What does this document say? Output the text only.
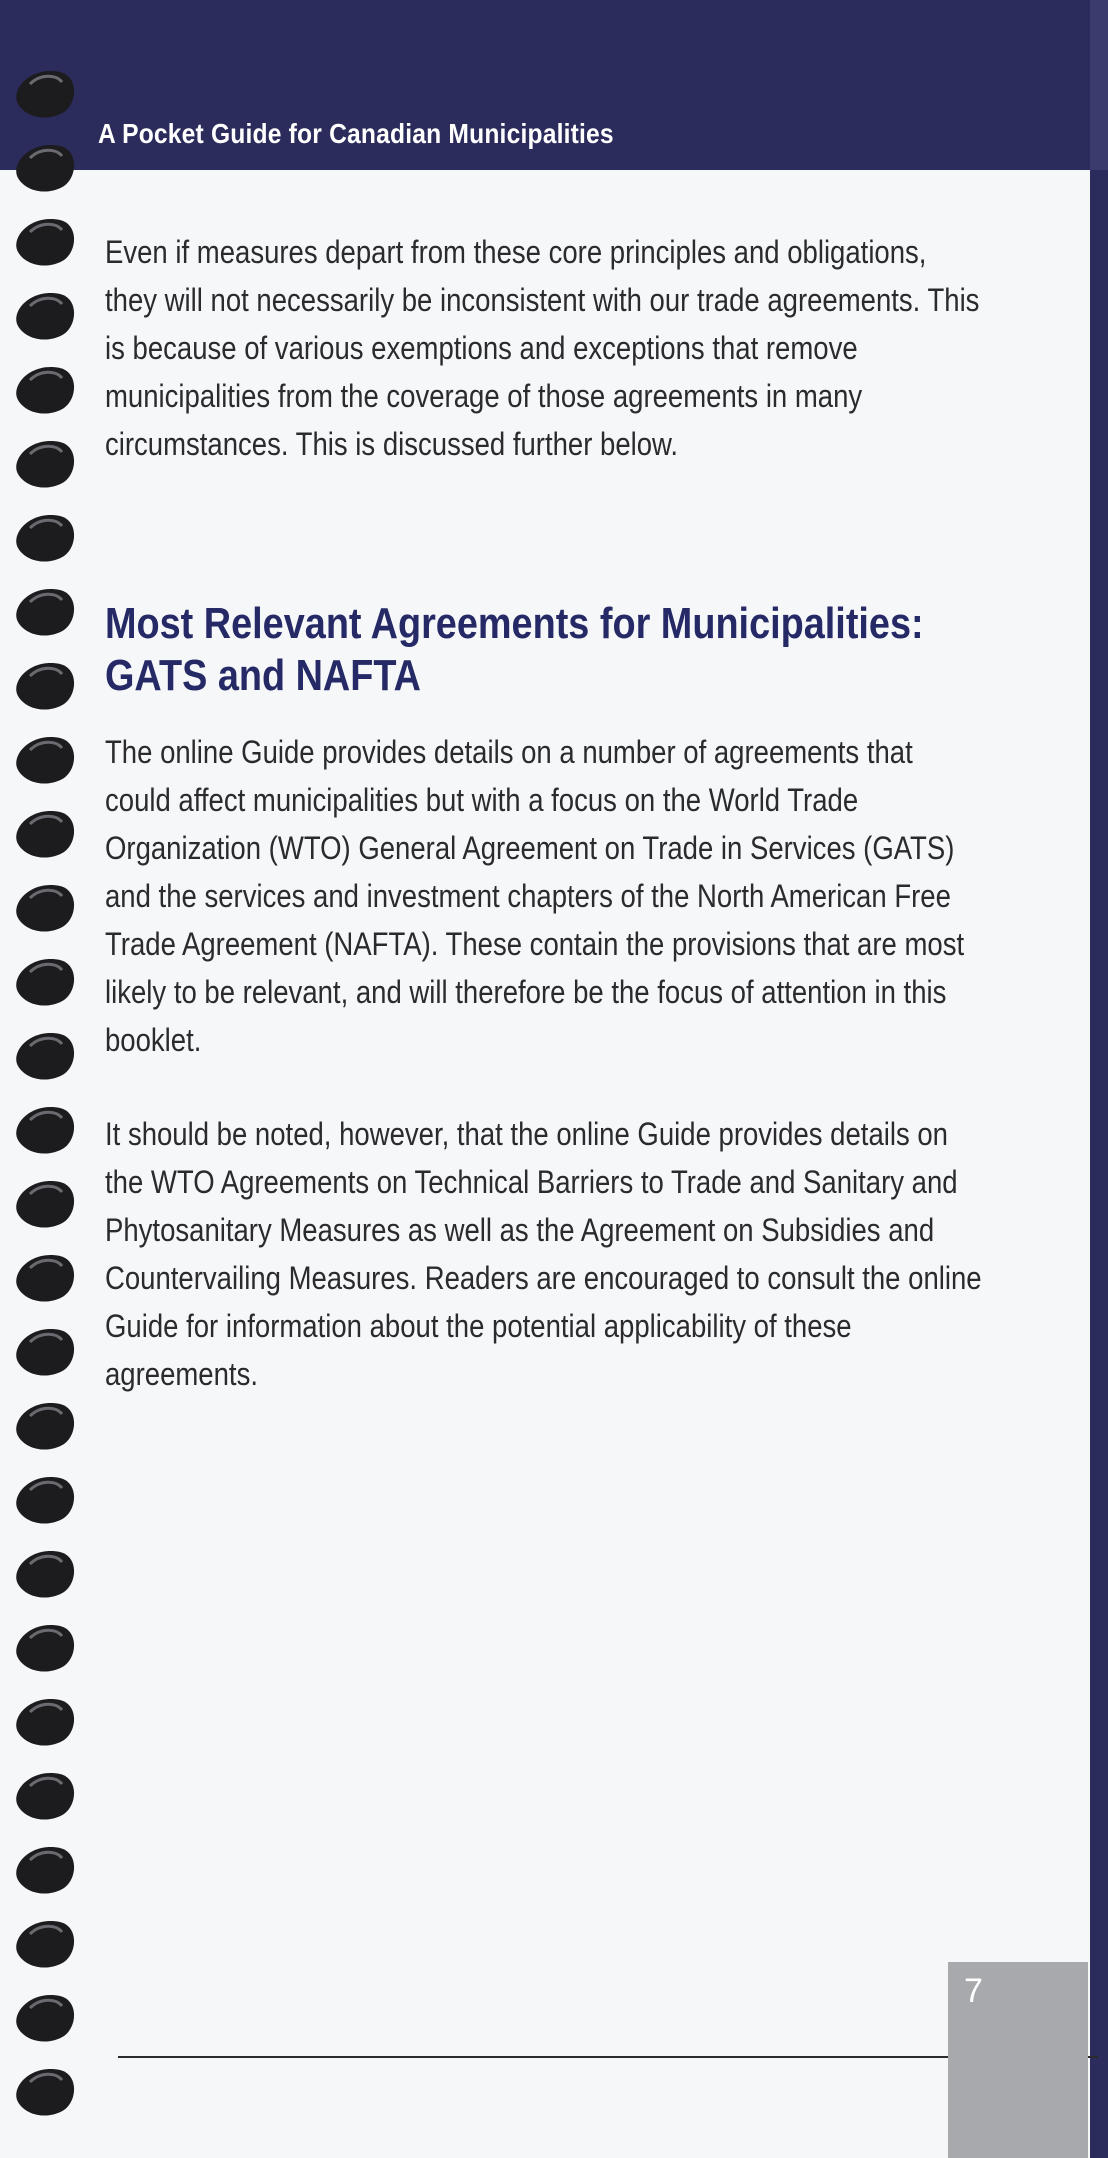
A Pocket Guide for Canadian Municipalities

Even if measures depart from these core principles and obligations, they will not necessarily be inconsistent with our trade agreements. This is because of various exemptions and exceptions that remove municipalities from the coverage of those agreements in many circumstances. This is discussed further below.

Most Relevant Agreements for Municipalities: GATS and NAFTA

The online Guide provides details on a number of agreements that could affect municipalities but with a focus on the World Trade Organization (WTO) General Agreement on Trade in Services (GATS) and the services and investment chapters of the North American Free Trade Agreement (NAFTA). These contain the provisions that are most likely to be relevant, and will therefore be the focus of attention in this booklet.

It should be noted, however, that the online Guide provides details on the WTO Agreements on Technical Barriers to Trade and Sanitary and Phytosanitary Measures as well as the Agreement on Subsidies and Countervailing Measures. Readers are encouraged to consult the online Guide for information about the potential applicability of these agreements.

7
